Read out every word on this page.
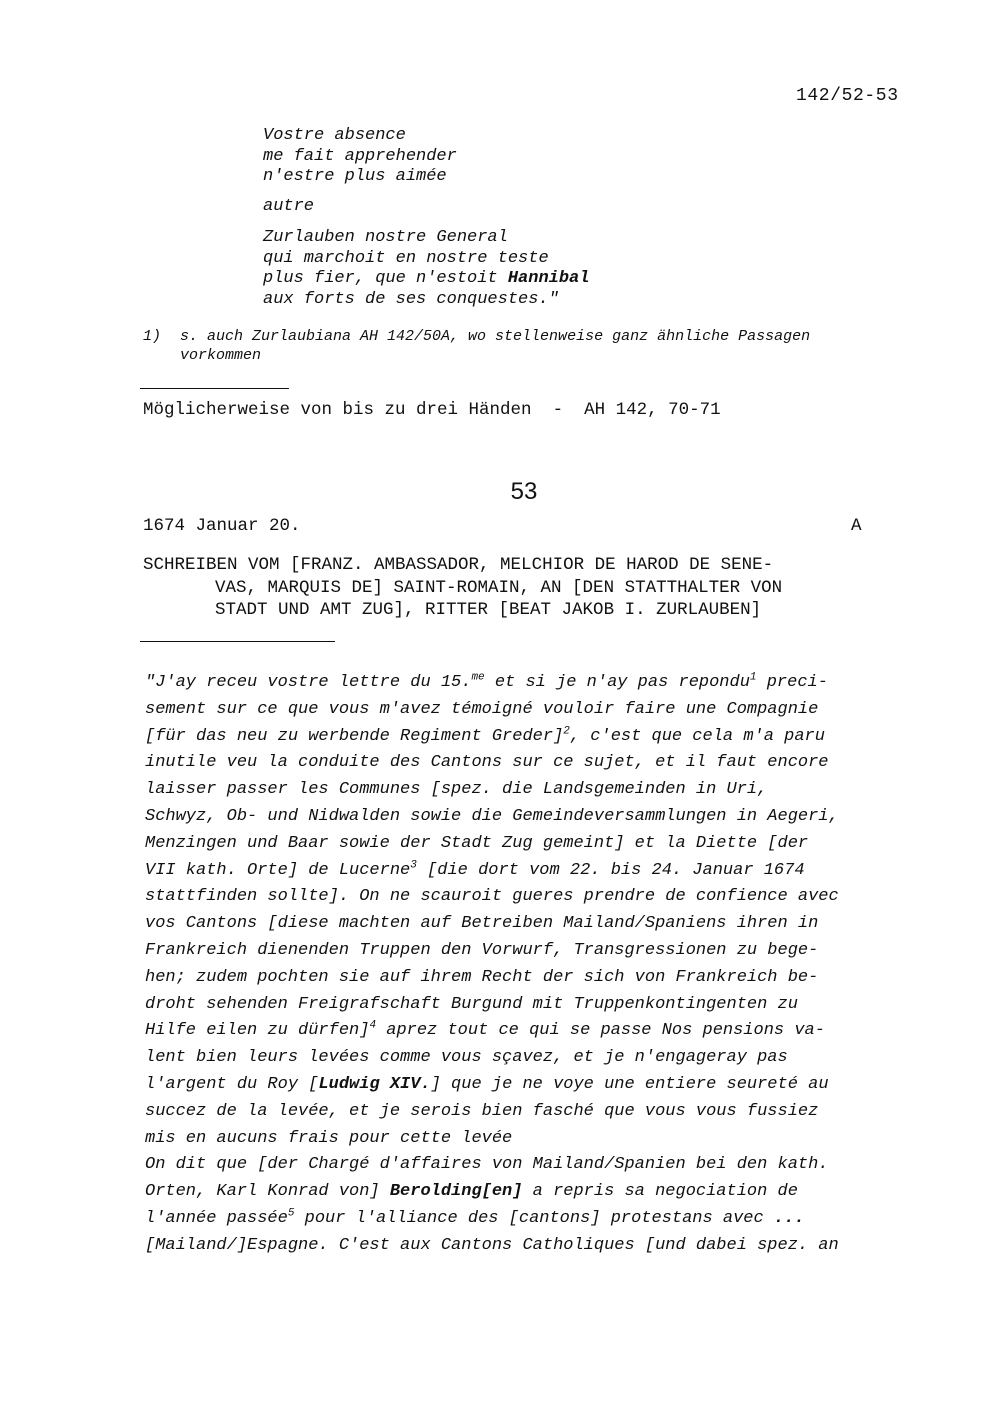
142/52-53
Vostre absence
me fait apprehender
n'estre plus aimée
autre
Zurlauben nostre General
qui marchoit en nostre teste
plus fier, que n'estoit Hannibal
aux forts de ses conquestes."
1) s. auch Zurlaubiana AH 142/50A, wo stellenweise ganz ähnliche Passagen
vorkommen
Möglicherweise von bis zu drei Händen  -  AH 142, 70-71
53
1674 Januar 20.	A
SCHREIBEN VOM [FRANZ. AMBASSADOR, MELCHIOR DE HAROD DE SENE-
VAS, MARQUIS DE] SAINT-ROMAIN, AN [DEN STATTHALTER VON
STADT UND AMT ZUG], RITTER [BEAT JAKOB I. ZURLAUBEN]
"J'ay receu vostre lettre du 15.$^{me}$ et si je n'ay pas repondu$^1$ preci-
sement sur ce que vous m'avez témoigné vouloir faire une Compagnie
[für das neu zu werbende Regiment Greder]$^2$, c'est que cela m'a paru
inutile veu la conduite des Cantons sur ce sujet, et il faut encore
laisser passer les Communes [spez. die Landsgemeinden in Uri,
Schwyz, Ob- und Nidwalden sowie die Gemeindeversammlungen in Aegeri,
Menzingen und Baar sowie der Stadt Zug gemeint] et la Diette [der
VII kath. Orte] de Lucerne$^3$ [die dort vom 22. bis 24. Januar 1674
stattfinden sollte]. On ne scauroit gueres prendre de confience avec
vos Cantons [diese machten auf Betreiben Mailand/Spaniens ihren in
Frankreich dienenden Truppen den Vorwurf, Transgressionen zu bege-
hen; zudem pochten sie auf ihrem Recht der sich von Frankreich be-
droht sehenden Freigrafschaft Burgund mit Truppenkontingenten zu
Hilfe eilen zu dürfen]$^4$ aprez tout ce qui se passe Nos pensions va-
lent bien leurs levées comme vous sçavez, et je n'engageray pas
l'argent du Roy [Ludwig XIV.] que je ne voye une entiere seureté au
succez de la levée, et je serois bien fasché que vous vous fussiez
mis en aucuns frais pour cette levée
On dit que [der Chargé d'affaires von Mailand/Spanien bei den kath.
Orten, Karl Konrad von] Berolding[en] a repris sa negociation de
l'année passée$^5$ pour l'alliance des [cantons] protestans avec ...
[Mailand/]Espagne. C'est aux Cantons Catholiques [und dabei spez. an
